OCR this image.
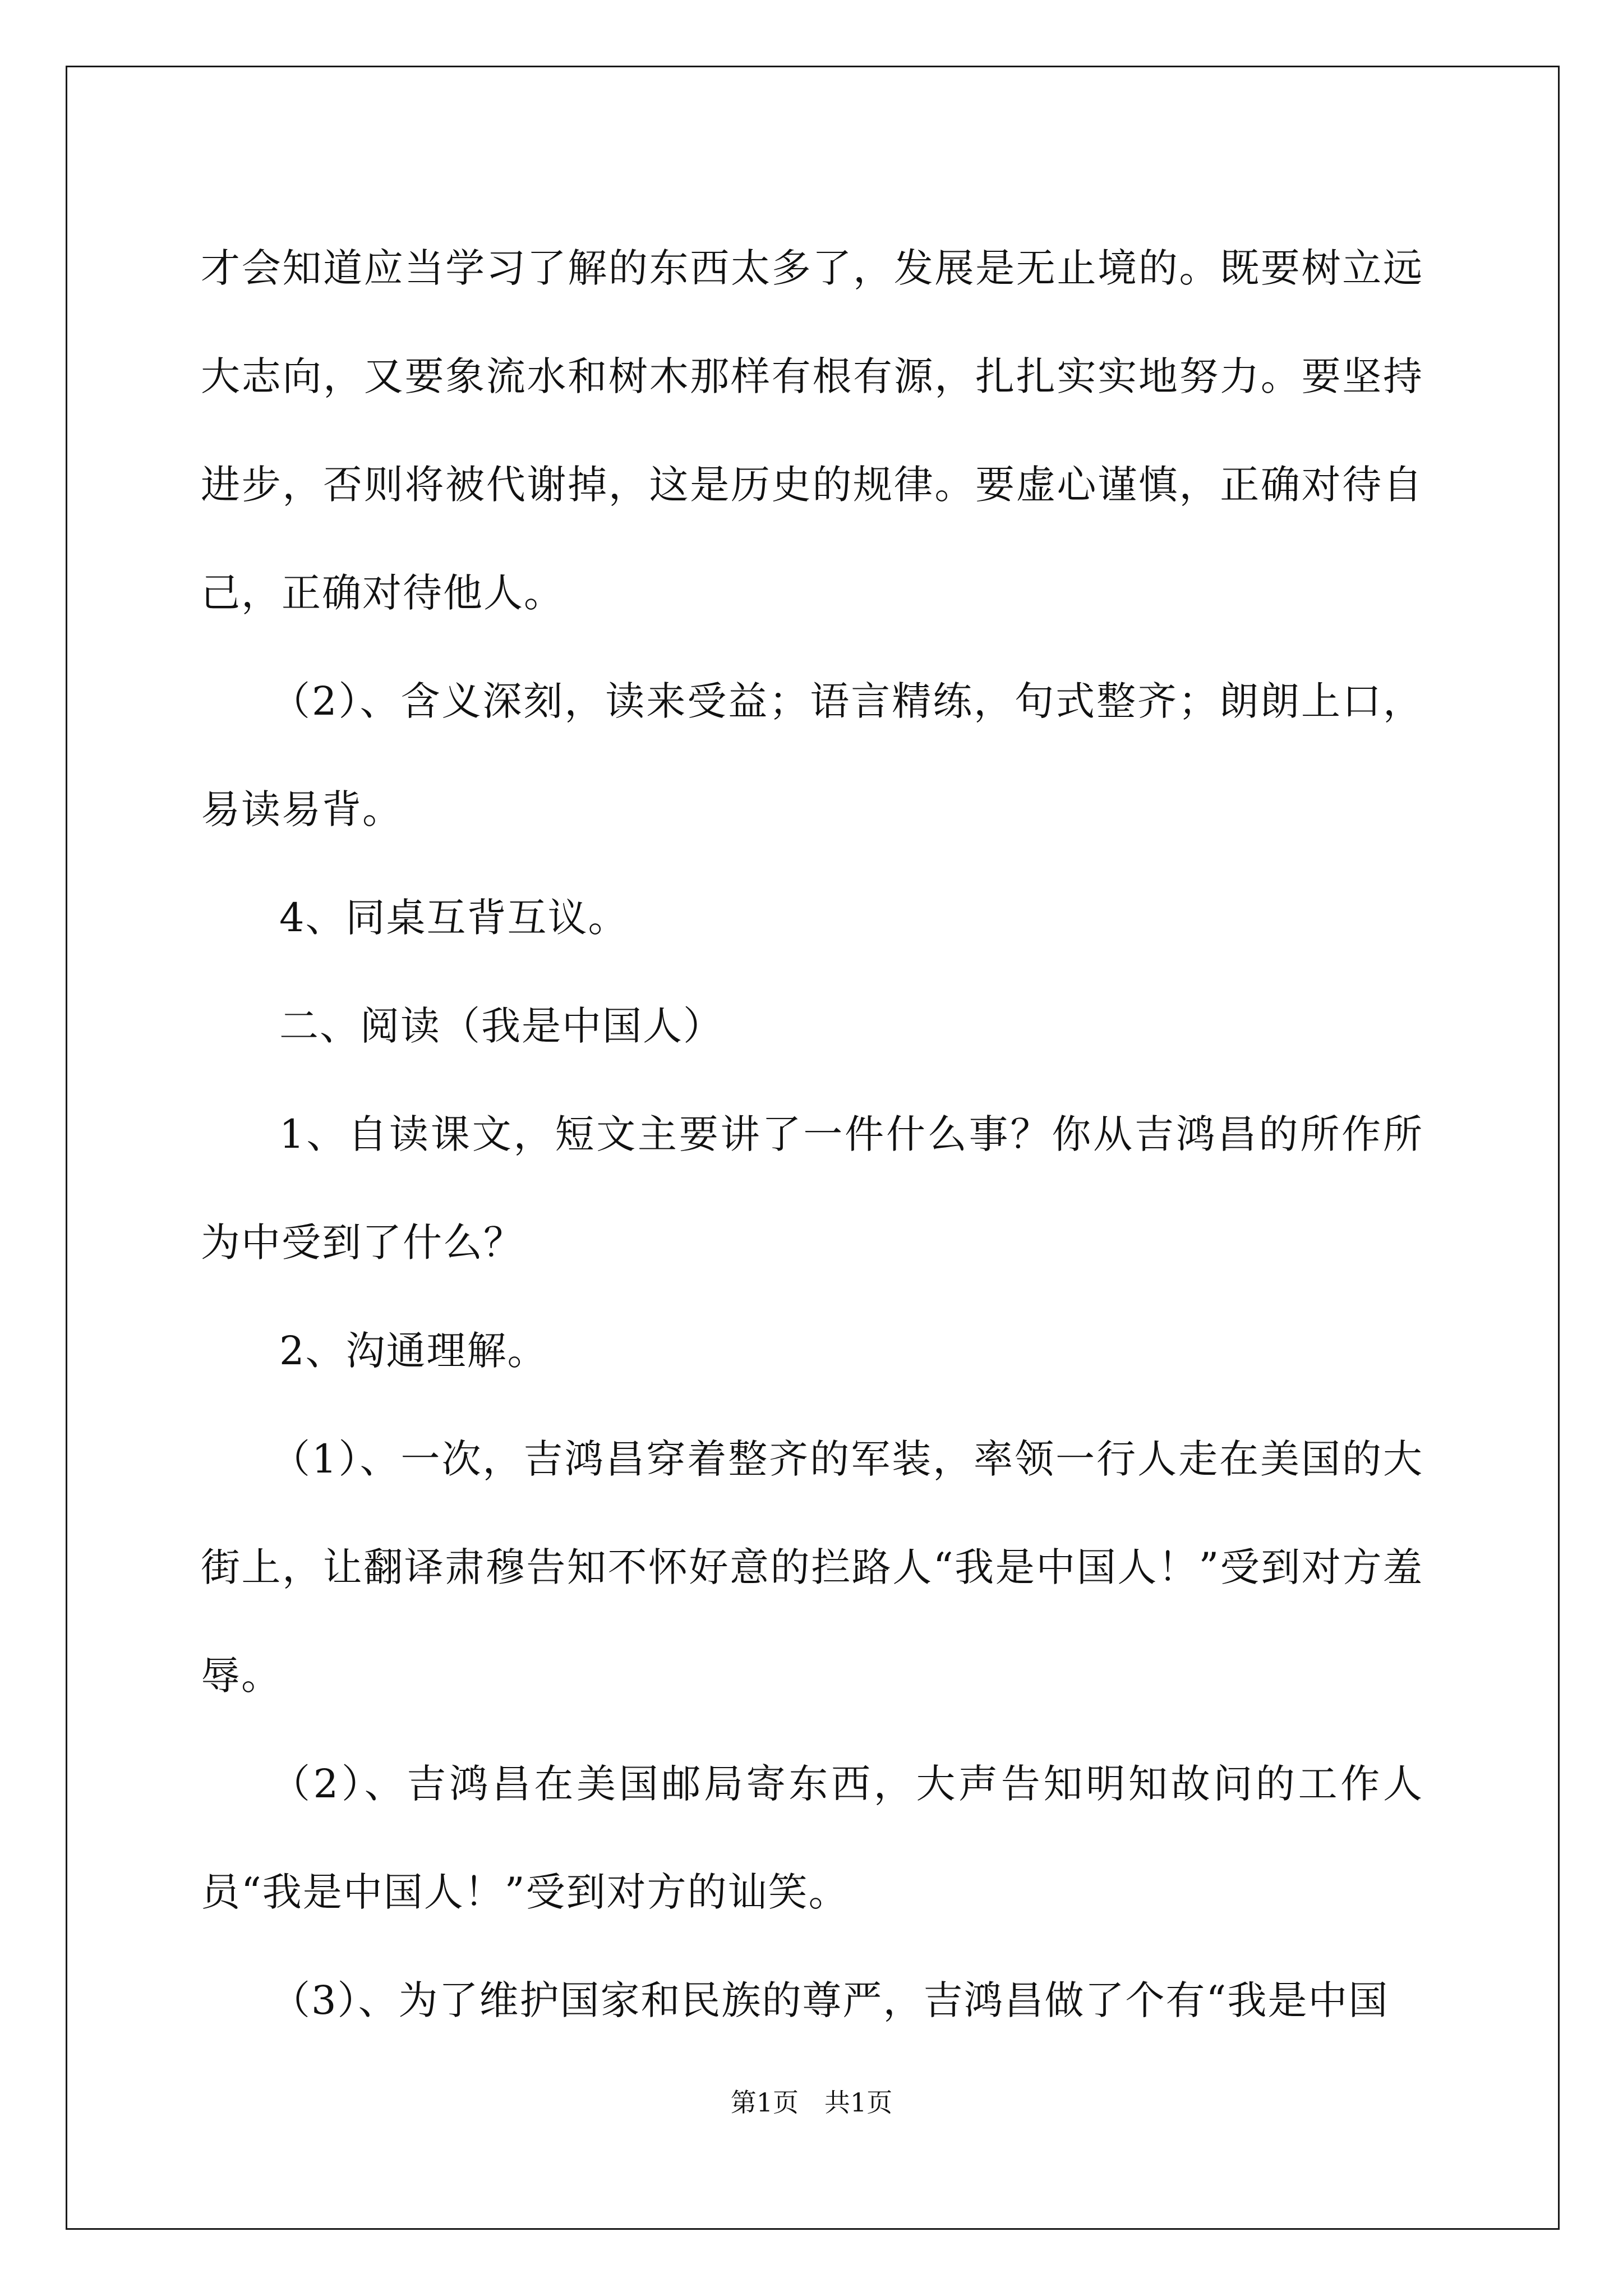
才会知道应当学习了解的东西太多了，发展是无止境的。既要树立远大志向，又要象流水和树木那样有根有源，扎扎实实地努力。要坚持进步，否则将被代谢掉，这是历史的规律。要虚心谨慎，正确对待自己，正确对待他人。

（2）、含义深刻，读来受益；语言精练，句式整齐；朗朗上口，易读易背。

4、同桌互背互议。

二、阅读（我是中国人）

1、自读课文，短文主要讲了一件什么事？你从吉鸿昌的所作所为中受到了什么？

2、沟通理解。

（1）、一次，吉鸿昌穿着整齐的军装，率领一行人走在美国的大街上，让翻译肃穆告知不怀好意的拦路人“我是中国人！”受到对方羞辱。

（2）、吉鸿昌在美国邮局寄东西，大声告知明知故问的工作人员“我是中国人！”受到对方的讪笑。

（3）、为了维护国家和民族的尊严，吉鸿昌做了个有“我是中国

第1页　共1页
